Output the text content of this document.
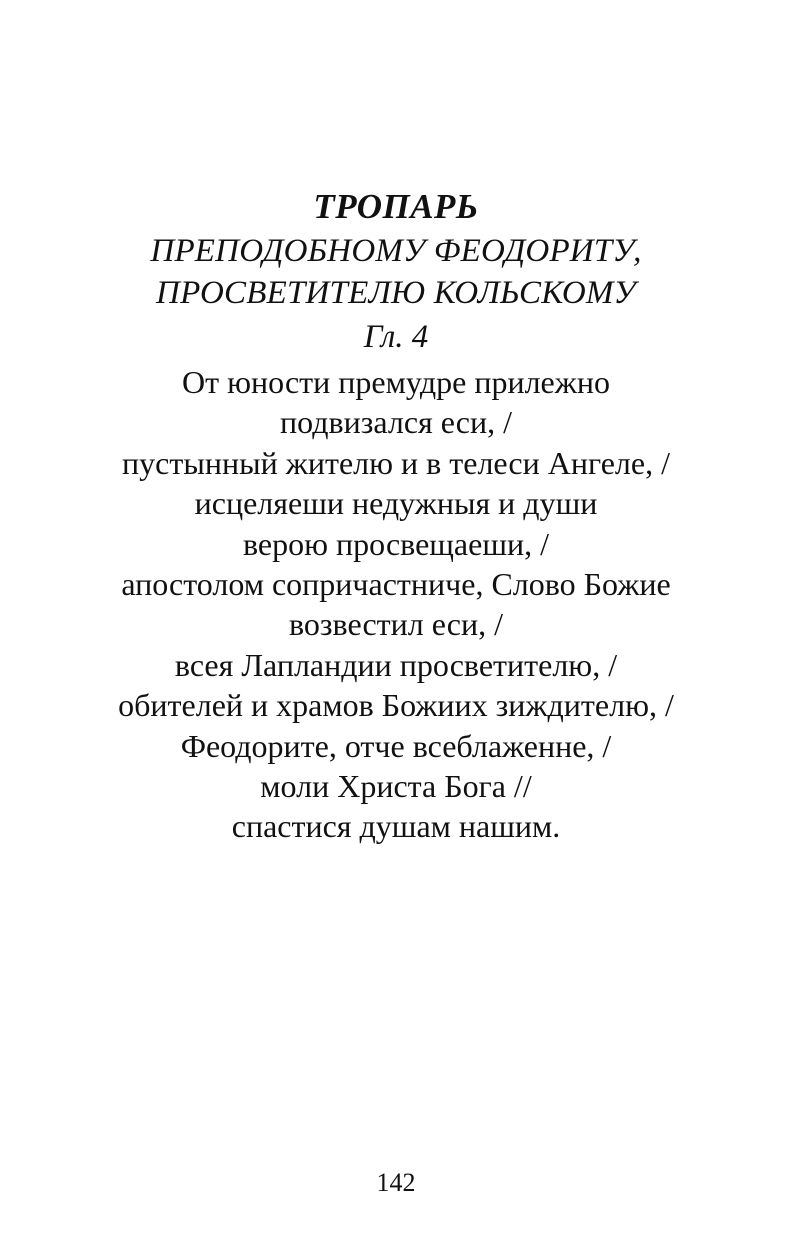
ТРОПАРЬ
ПРЕПОДОБНОМУ ФЕОДОРИТУ,
ПРОСВЕТИТЕЛЮ КОЛЬСКОМУ
Гл. 4
От юности премудре прилежно
подвизался еси, /
пустынный жителю и в телеси Ангеле, /
исцеляеши недужныя и души
верою просвещаеши, /
апостолом сопричастниче, Слово Божие
возвестил еси, /
всея Лапландии просветителю, /
обителей и храмов Божиих зиждителю, /
Феодорите, отче всеблаженне, /
моли Христа Бога //
спастися душам нашим.
142
